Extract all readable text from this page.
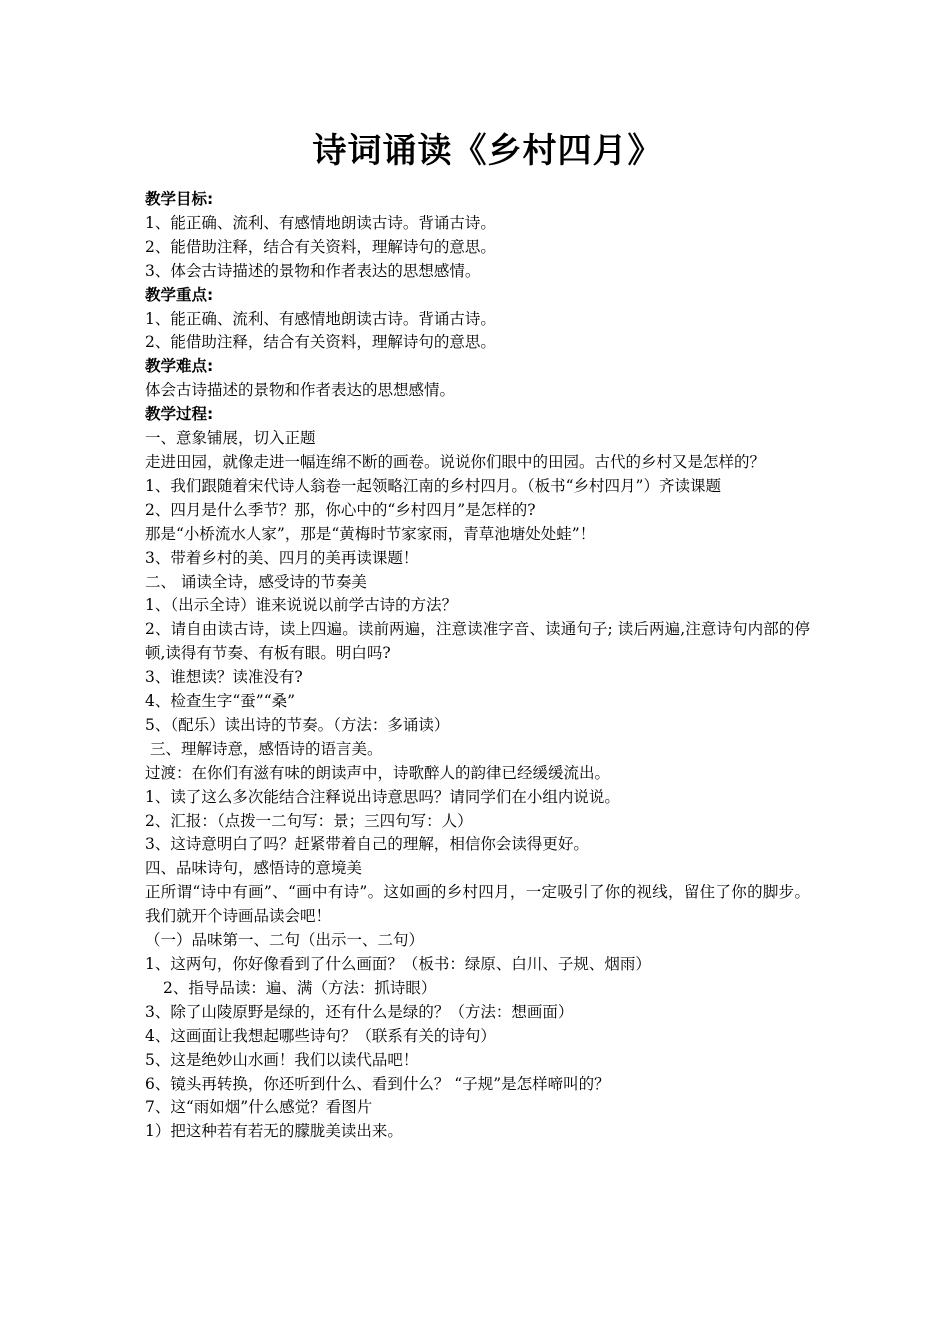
诗词诵读《乡村四月》
教学目标:
1、能正确、流利、有感情地朗读古诗。背诵古诗。
2、能借助注释，结合有关资料，理解诗句的意思。
3、体会古诗描述的景物和作者表达的思想感情。
教学重点:
1、能正确、流利、有感情地朗读古诗。背诵古诗。
2、能借助注释，结合有关资料，理解诗句的意思。
教学难点:
体会古诗描述的景物和作者表达的思想感情。
教学过程:
一、意象铺展，切入正题
走进田园，就像走进一幅连绵不断的画卷。说说你们眼中的田园。古代的乡村又是怎样的？
1、我们跟随着宋代诗人翁卷一起领略江南的乡村四月。（板书“乡村四月”）齐读课题
2、四月是什么季节？那，你心中的“乡村四月”是怎样的?
那是“小桥流水人家”，那是“黄梅时节家家雨，青草池塘处处蛙”！
3、带着乡村的美、四月的美再读课题！
二、 诵读全诗，感受诗的节奏美
1、（出示全诗）谁来说说以前学古诗的方法？
2、请自由读古诗，读上四遍。读前两遍，注意读准字音、读通句子; 读后两遍,注意诗句内部的停顿,读得有节奏、有板有眼。明白吗?
3、谁想读？读准没有?
4、检查生字“蚕”“桑”
5、（配乐）读出诗的节奏。（方法：多诵读）
三、理解诗意，感悟诗的语言美。
过渡：在你们有滋有味的朗读声中，诗歌醉人的韵律已经缓缓流出。
1、读了这么多次能结合注释说出诗意思吗？请同学们在小组内说说。
2、汇报：（点拨一二句写：景；三四句写：人）
3、这诗意明白了吗？赶紧带着自己的理解，相信你会读得更好。
四、品味诗句，感悟诗的意境美
正所谓“诗中有画”、“画中有诗”。这如画的乡村四月，一定吸引了你的视线，留住了你的脚步。我们就开个诗画品读会吧！
（一）品味第一、二句（出示一、二句）
1、这两句，你好像看到了什么画面？（板书：绿原、白川、子规、烟雨）
2、指导品读：遍、满（方法：抓诗眼）
3、除了山陵原野是绿的，还有什么是绿的？（方法：想画面）
4、这画面让我想起哪些诗句？（联系有关的诗句）
5、这是绝妙山水画！我们以读代品吧！
6、镜头再转换，你还听到什么、看到什么？ “子规”是怎样啼叫的？
7、这“雨如烟”什么感觉？看图片
1）把这种若有若无的朦胧美读出来。
